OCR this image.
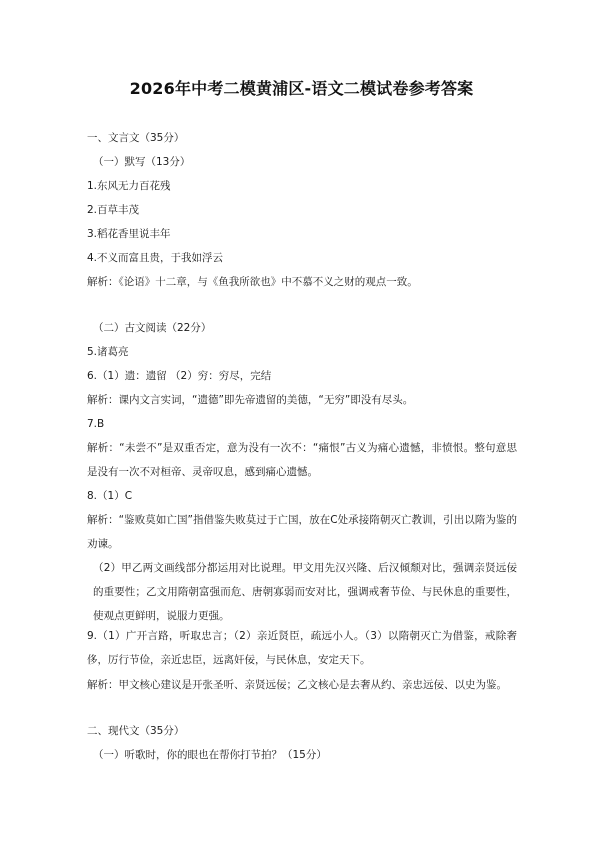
2026年中考二模黄浦区-语文二模试卷参考答案
一、文言文（35分）
（一）默写（13分）
1.东风无力百花残
2.百草丰茂
3.稻花香里说丰年
4.不义而富且贵，于我如浮云
解析：《论语》十二章，与《鱼我所欲也》中不慕不义之财的观点一致。
（二）古文阅读（22分）
5.诸葛亮
6.（1）遗：遗留 （2）穷：穷尽，完结
解析：课内文言实词，“遗德”即先帝遗留的美德，“无穷”即没有尽头。
7.B
解析：“未尝不”是双重否定，意为没有一次不：“痛恨”古义为痛心遗憾，非愤恨。整句意思是没有一次不对桓帝、灵帝叹息，感到痛心遗憾。
8.（1）C
解析：“鉴败莫如亡国”指借鉴失败莫过于亡国，放在C处承接隋朝灭亡教训，引出以隋为鉴的劝谏。
（2）甲乙两文画线部分都运用对比说理。甲文用先汉兴隆、后汉倾颓对比，强调亲贤远佞的重要性；乙文用隋朝富强而危、唐朝寡弱而安对比，强调戒奢节俭、与民休息的重要性，使观点更鲜明，说服力更强。
9.（1）广开言路，听取忠言；（2）亲近贤臣，疏远小人。（3）以隋朝灭亡为借鉴，戒除奢侈，厉行节俭，亲近忠臣，远离奸佞，与民休息，安定天下。
解析：甲文核心建议是开张圣听、亲贤远佞；乙文核心是去奢从约、亲忠远佞、以史为鉴。
二、现代文（35分）
（一）听歌时，你的眼也在帮你打节拍？（15分）
